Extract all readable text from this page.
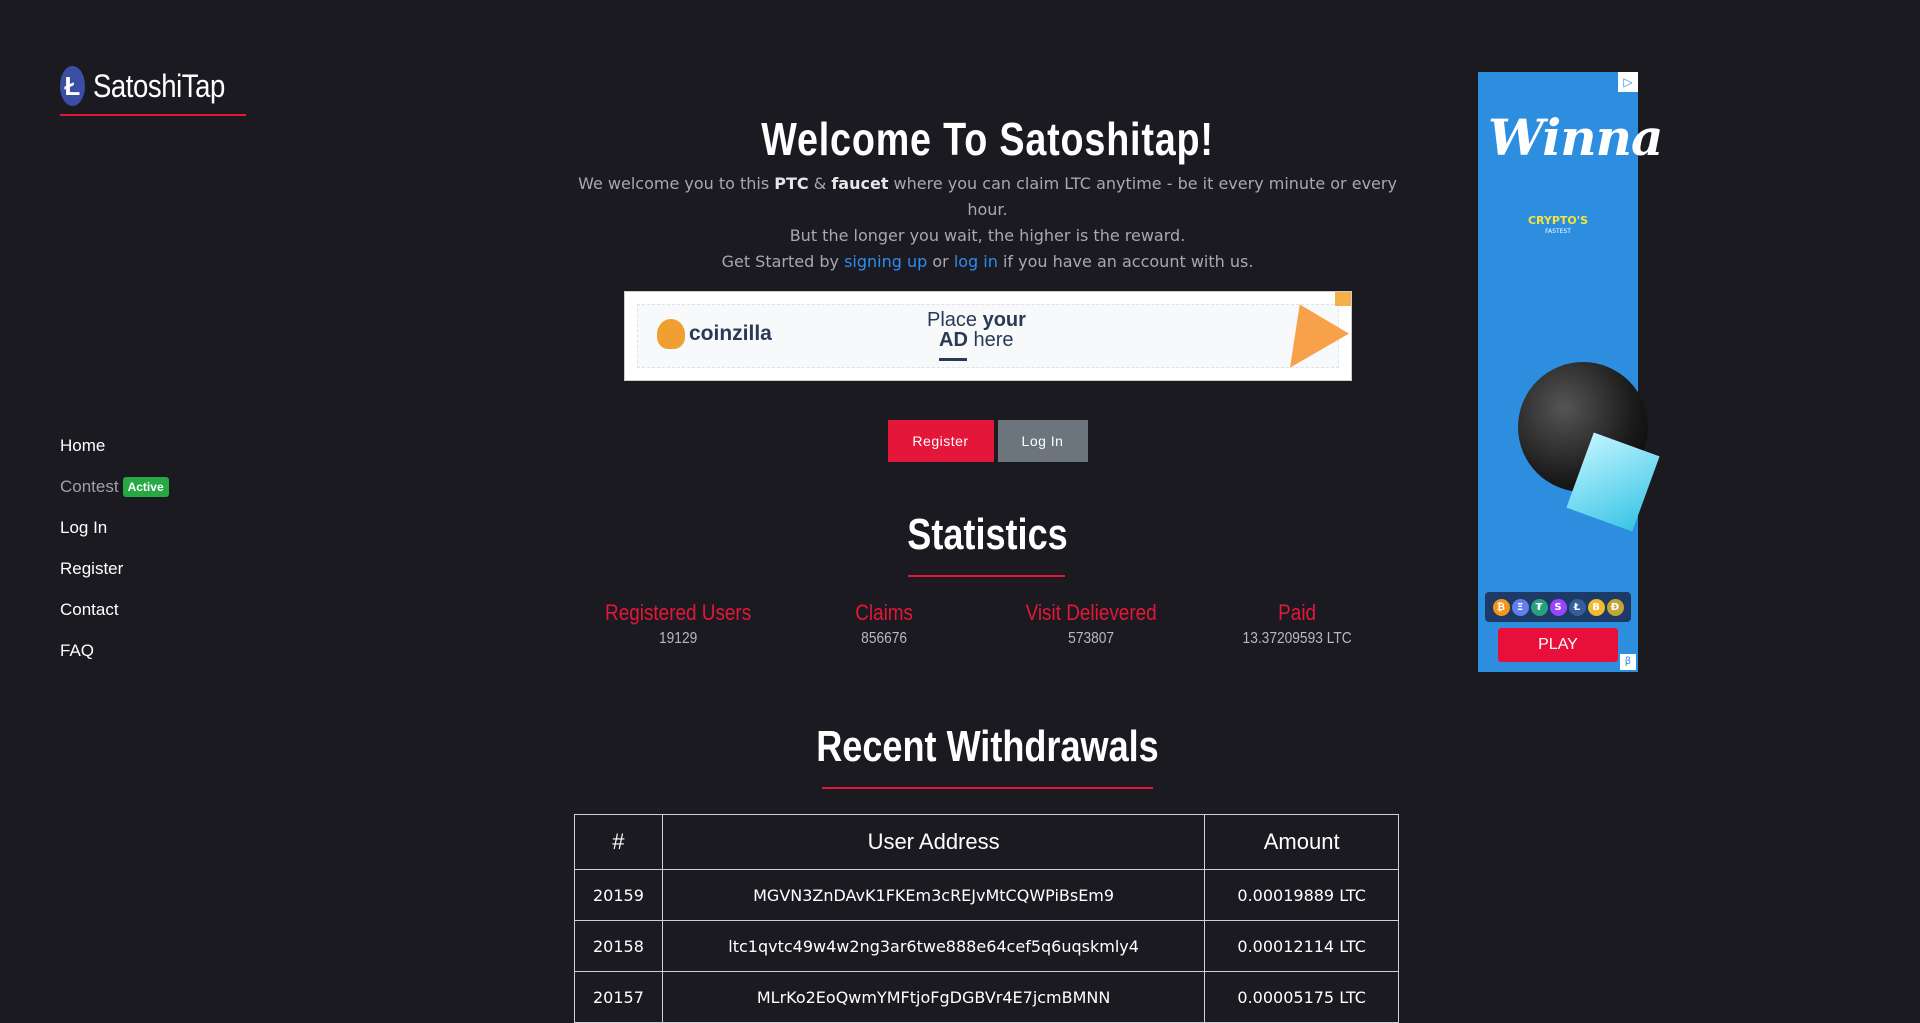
Ł SatoshiTap
Home
Contest Active
Log In
Register
Contact
FAQ
Welcome To Satoshitap!
We welcome you to this PTC & faucet where you can claim LTC anytime - be it every minute or every hour.
But the longer you wait, the higher is the reward.
Get Started by signing up or log in if you have an account with us.
coinzilla
Place your
AD here
Register	Log In
Statistics
Registered Users
19129
Claims
856676
Visit Delievered
573807
Paid
13.37209593 LTC
Recent Withdrawals
#	User Address	Amount
20159	MGVN3ZnDAvK1FKEm3cREJvMtCQWPiBsEm9	0.00019889 LTC
20158	ltc1qvtc49w4w2ng3ar6twe888e64cef5q6uqskmly4	0.00012114 LTC
20157	MLrKo2EoQwmYMFtjoFgDGBVr4E7jcmBMNN	0.00005175 LTC
▷
Winna
CRYPTO'S
FASTEST
₿	Ξ	₮	S	Ł	B	Ð
PLAY
β
